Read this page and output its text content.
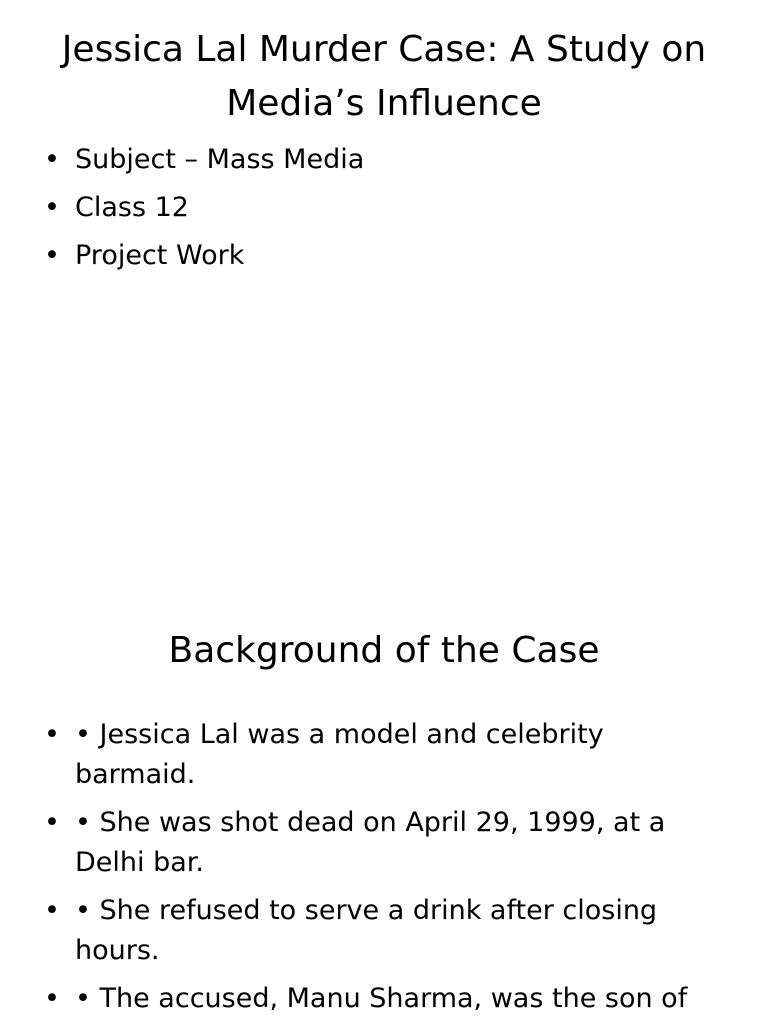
Jessica Lal Murder Case: A Study on Media’s Influence
• Subject – Mass Media
• Class 12
• Project Work
Background of the Case
• • Jessica Lal was a model and celebrity barmaid.
• • She was shot dead on April 29, 1999, at a Delhi bar.
• • She refused to serve a drink after closing hours.
• • The accused, Manu Sharma, was the son of
